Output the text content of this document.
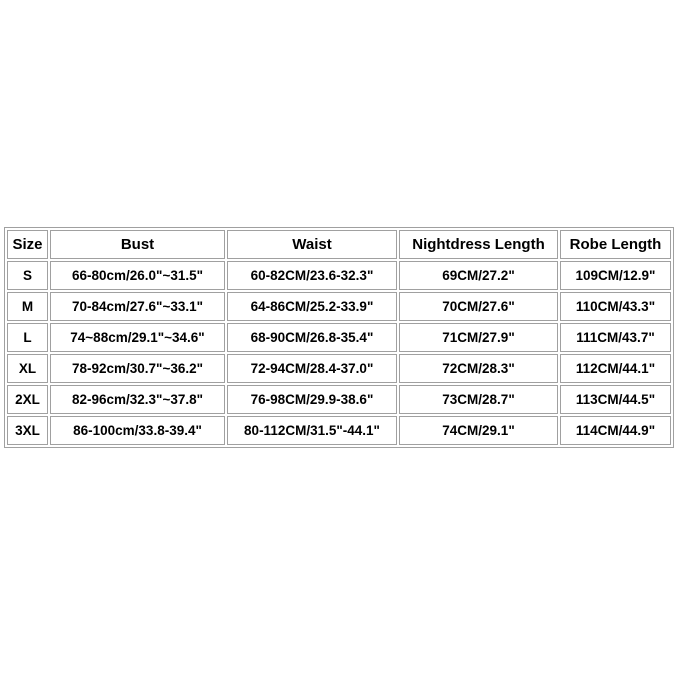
Size	Bust	Waist	Nightdress Length	Robe Length
S	66-80cm/26.0"~31.5"	60-82CM/23.6-32.3"	69CM/27.2"	109CM/12.9"
M	70-84cm/27.6"~33.1"	64-86CM/25.2-33.9"	70CM/27.6"	110CM/43.3"
L	74~88cm/29.1"~34.6"	68-90CM/26.8-35.4"	71CM/27.9"	111CM/43.7"
XL	78-92cm/30.7"~36.2"	72-94CM/28.4-37.0"	72CM/28.3"	112CM/44.1"
2XL	82-96cm/32.3"~37.8"	76-98CM/29.9-38.6"	73CM/28.7"	113CM/44.5"
3XL	86-100cm/33.8-39.4"	80-112CM/31.5"-44.1"	74CM/29.1"	114CM/44.9"
